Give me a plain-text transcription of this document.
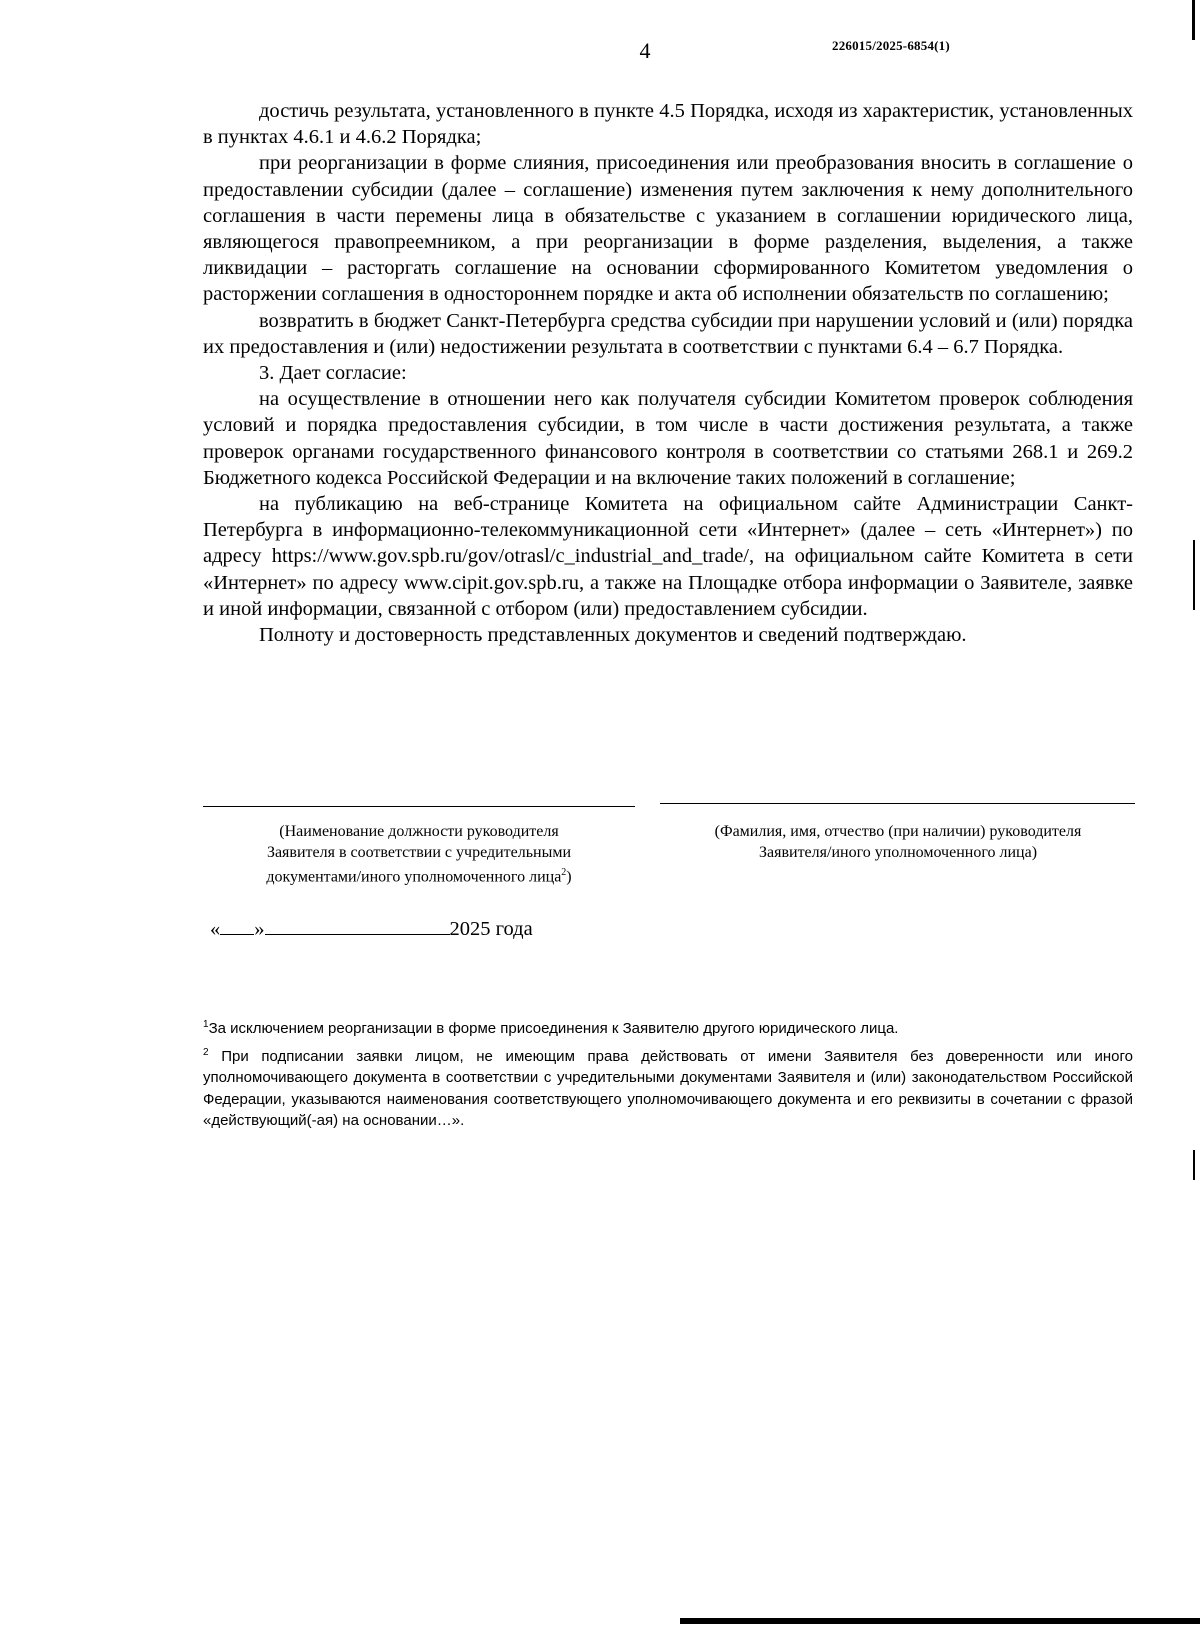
4	226015/2025-6854(1)

достичь результата, установленного в пункте 4.5 Порядка, исходя из характеристик, установленных в пунктах 4.6.1 и 4.6.2 Порядка;

при реорганизации в форме слияния, присоединения или преобразования вносить в соглашение о предоставлении субсидии (далее – соглашение) изменения путем заключения к нему дополнительного соглашения в части перемены лица в обязательстве с указанием в соглашении юридического лица, являющегося правопреемником, а при реорганизации в форме разделения, выделения, а также ликвидации – расторгать соглашение на основании сформированного Комитетом уведомления о расторжении соглашения в одностороннем порядке и акта об исполнении обязательств по соглашению;

возвратить в бюджет Санкт-Петербурга средства субсидии при нарушении условий и (или) порядка их предоставления и (или) недостижении результата в соответствии с пунктами 6.4 – 6.7 Порядка.

3. Дает согласие:

на осуществление в отношении него как получателя субсидии Комитетом проверок соблюдения условий и порядка предоставления субсидии, в том числе в части достижения результата, а также проверок органами государственного финансового контроля в соответствии со статьями 268.1 и 269.2 Бюджетного кодекса Российской Федерации и на включение таких положений в соглашение;

на публикацию на веб-странице Комитета на официальном сайте Администрации Санкт-Петербурга в информационно-телекоммуникационной сети «Интернет» (далее – сеть «Интернет») по адресу https://www.gov.spb.ru/gov/otrasl/c_industrial_and_trade/, на официальном сайте Комитета в сети «Интернет» по адресу www.cipit.gov.spb.ru, а также на Площадке отбора информации о Заявителе, заявке и иной информации, связанной с отбором (или) предоставлением субсидии.

Полноту и достоверность представленных документов и сведений подтверждаю.

(Наименование должности руководителя
Заявителя в соответствии с учредительными
документами/иного уполномоченного лица$^2$)
(Фамилия, имя, отчество (при наличии) руководителя
Заявителя/иного уполномоченного лица)
« »	2025 года

$^1$За исключением реорганизации в форме присоединения к Заявителю другого юридического лица.

$^2$ При подписании заявки лицом, не имеющим права действовать от имени Заявителя без доверенности или иного уполномочивающего документа в соответствии с учредительными документами Заявителя и (или) законодательством Российской Федерации, указываются наименования соответствующего уполномочивающего документа и его реквизиты в сочетании с фразой «действующий(-ая) на основании…».
